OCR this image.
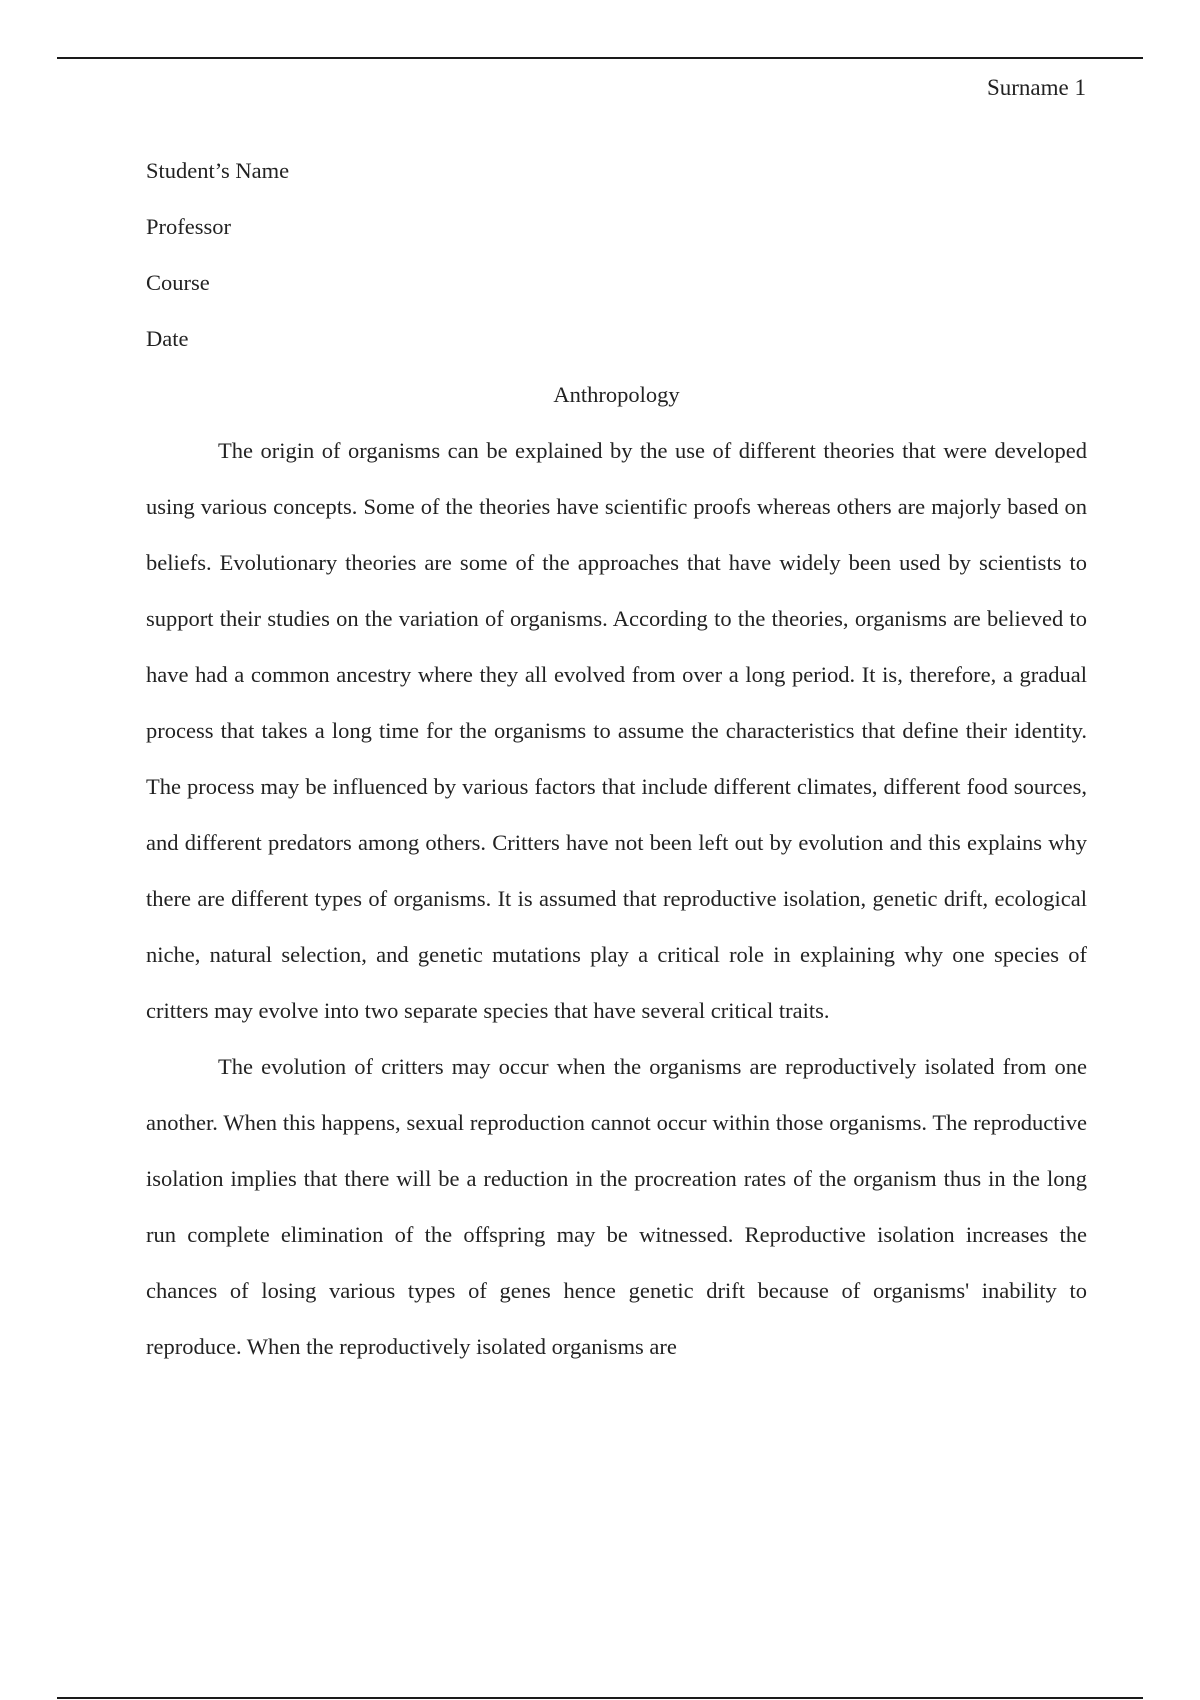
Surname 1

Student’s Name

Professor

Course

Date

Anthropology

The origin of organisms can be explained by the use of different theories that were developed using various concepts. Some of the theories have scientific proofs whereas others are majorly based on beliefs. Evolutionary theories are some of the approaches that have widely been used by scientists to support their studies on the variation of organisms. According to the theories, organisms are believed to have had a common ancestry where they all evolved from over a long period. It is, therefore, a gradual process that takes a long time for the organisms to assume the characteristics that define their identity. The process may be influenced by various factors that include different climates, different food sources, and different predators among others. Critters have not been left out by evolution and this explains why there are different types of organisms. It is assumed that reproductive isolation, genetic drift, ecological niche, natural selection, and genetic mutations play a critical role in explaining why one species of critters may evolve into two separate species that have several critical traits.

The evolution of critters may occur when the organisms are reproductively isolated from one another. When this happens, sexual reproduction cannot occur within those organisms. The reproductive isolation implies that there will be a reduction in the procreation rates of the organism thus in the long run complete elimination of the offspring may be witnessed. Reproductive isolation increases the chances of losing various types of genes hence genetic drift because of organisms' inability to reproduce. When the reproductively isolated organisms are
